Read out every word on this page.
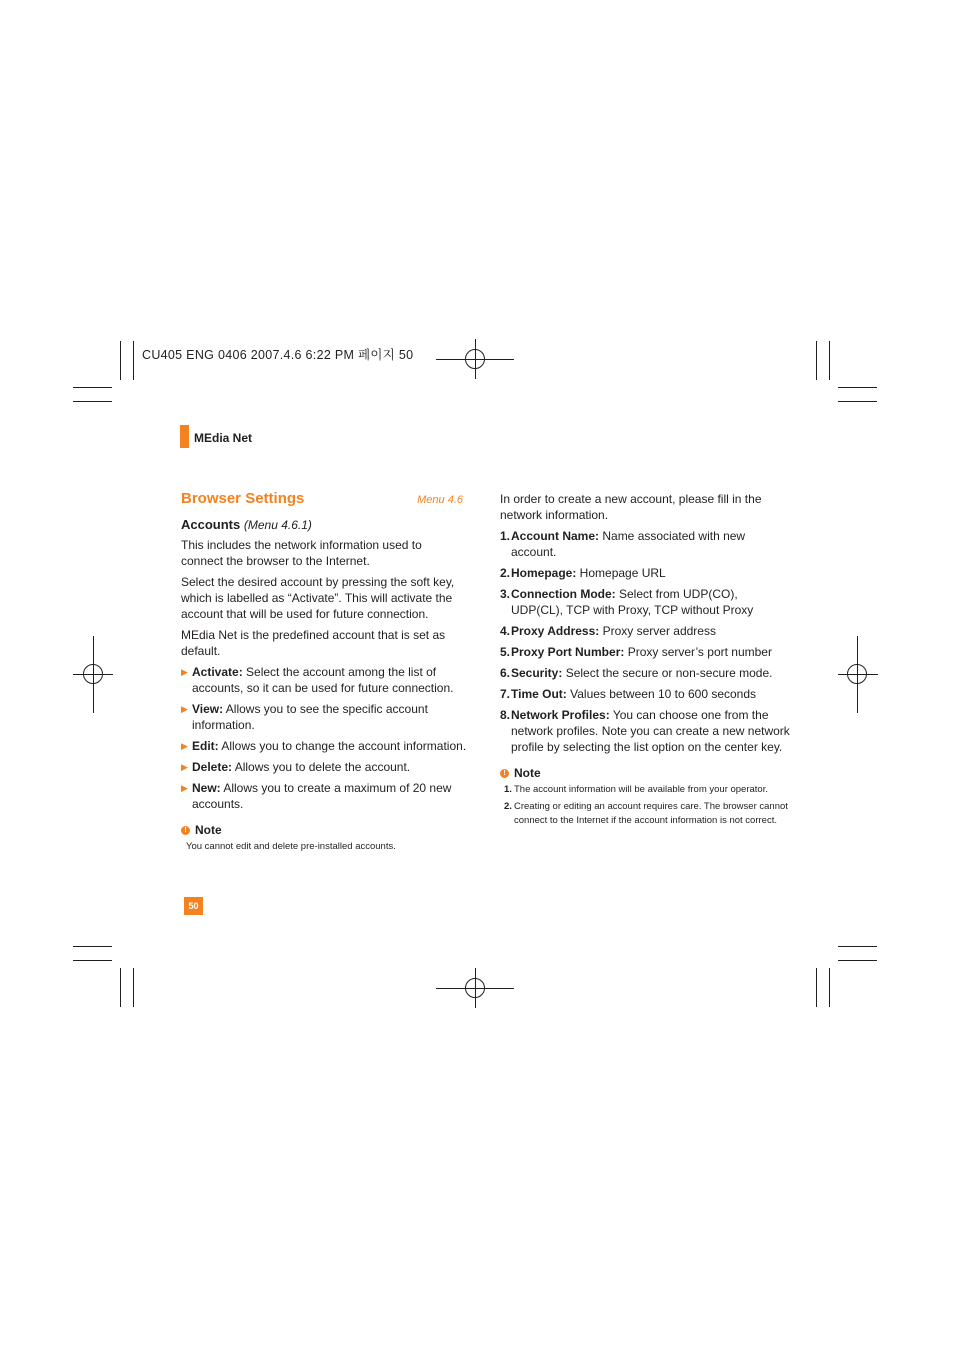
CU405 ENG 0406 2007.4.6 6:22 PM 페이지 50
MEdia Net
Browser Settings	Menu 4.6
Accounts (Menu 4.6.1)

This includes the network information used to connect the browser to the Internet.

Select the desired account by pressing the soft key, which is labelled as “Activate”. This will activate the account that will be used for future connection.

MEdia Net is the predefined account that is set as default.

▶ Activate: Select the account among the list of accounts, so it can be used for future connection.
▶ View: Allows you to see the specific account information.
▶ Edit: Allows you to change the account information.
▶ Delete: Allows you to delete the account.
▶ New: Allows you to create a maximum of 20 new accounts.
! Note
You cannot edit and delete pre-installed accounts.

In order to create a new account, please fill in the network information.

1. Account Name: Name associated with new account.
2. Homepage: Homepage URL
3. Connection Mode: Select from UDP(CO), UDP(CL), TCP with Proxy, TCP without Proxy
4. Proxy Address: Proxy server address
5. Proxy Port Number: Proxy server’s port number
6. Security: Select the secure or non-secure mode.
7. Time Out: Values between 10 to 600 seconds
8. Network Profiles: You can choose one from the network profiles. Note you can create a new network profile by selecting the list option on the center key.
! Note
1. The account information will be available from your operator.
2. Creating or editing an account requires care. The browser cannot connect to the Internet if the account information is not correct.
50
